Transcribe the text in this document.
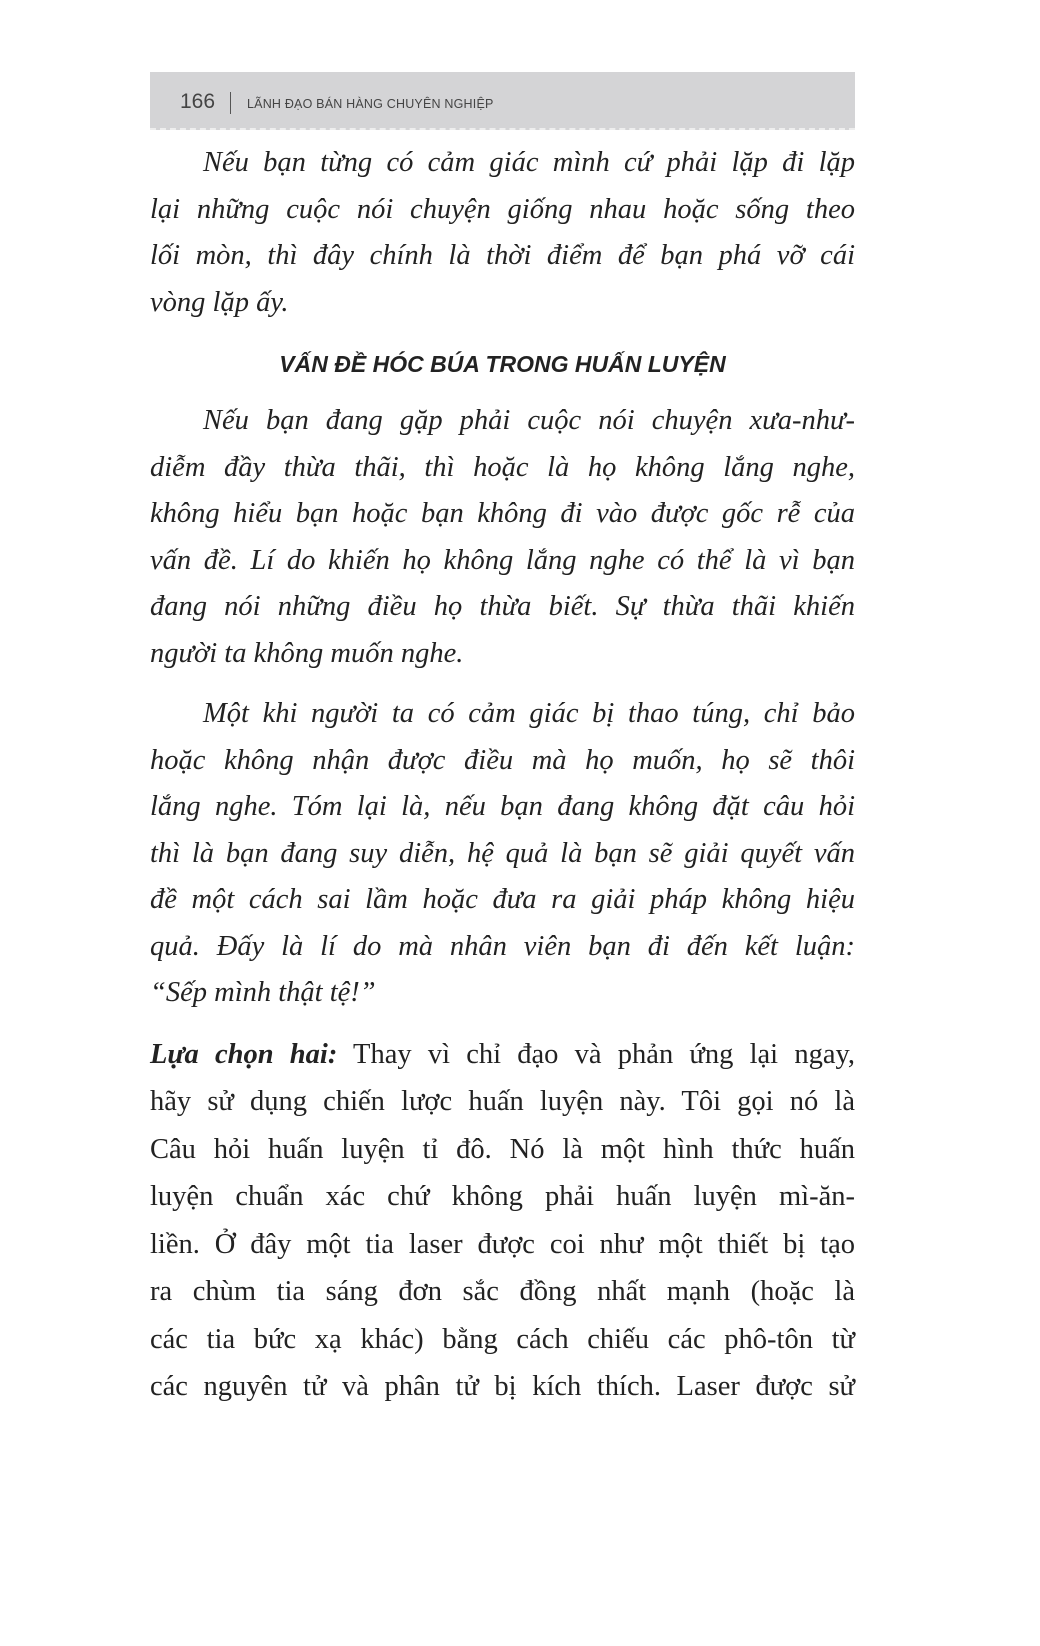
166	LÃNH ĐẠO BÁN HÀNG CHUYÊN NGHIỆP
Nếu bạn từng có cảm giác mình cứ phải lặp đi lặp
lại những cuộc nói chuyện giống nhau hoặc sống theo
lối mòn, thì đây chính là thời điểm để bạn phá vỡ cái
vòng lặp ấy.
VẤN ĐỀ HÓC BÚA TRONG HUẤN LUYỆN
Nếu bạn đang gặp phải cuộc nói chuyện xưa-như-
diễm đầy thừa thãi, thì hoặc là họ không lắng nghe,
không hiểu bạn hoặc bạn không đi vào được gốc rễ của
vấn đề. Lí do khiến họ không lắng nghe có thể là vì bạn
đang nói những điều họ thừa biết. Sự thừa thãi khiến
người ta không muốn nghe.
Một khi người ta có cảm giác bị thao túng, chỉ bảo
hoặc không nhận được điều mà họ muốn, họ sẽ thôi
lắng nghe. Tóm lại là, nếu bạn đang không đặt câu hỏi
thì là bạn đang suy diễn, hệ quả là bạn sẽ giải quyết vấn
đề một cách sai lầm hoặc đưa ra giải pháp không hiệu
quả. Đấy là lí do mà nhân viên bạn đi đến kết luận:
“Sếp mình thật tệ!”
Lựa chọn hai: Thay vì chỉ đạo và phản ứng lại ngay,
hãy sử dụng chiến lược huấn luyện này. Tôi gọi nó là
Câu hỏi huấn luyện tỉ đô. Nó là một hình thức huấn
luyện chuẩn xác chứ không phải huấn luyện mì-ăn-
liền. Ở đây một tia laser được coi như một thiết bị tạo
ra chùm tia sáng đơn sắc đồng nhất mạnh (hoặc là
các tia bức xạ khác) bằng cách chiếu các phô-tôn từ
các nguyên tử và phân tử bị kích thích. Laser được sử
